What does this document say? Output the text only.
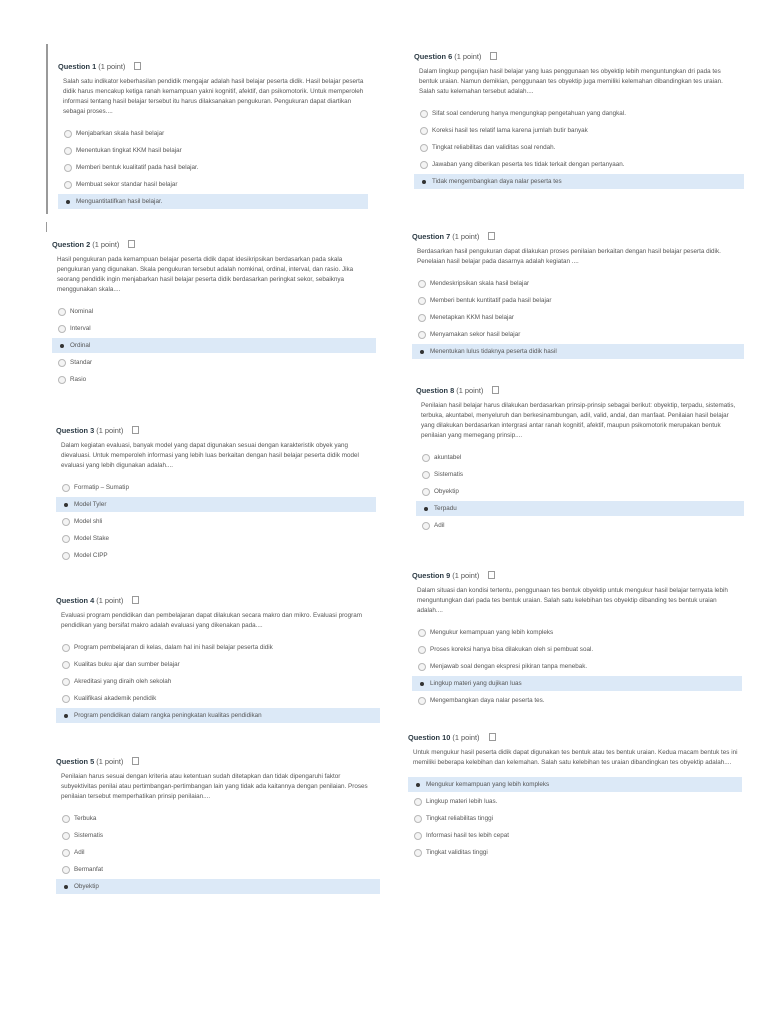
Question 1 (1 point)
Salah satu indikator keberhasilan pendidik mengajar adalah hasil belajar peserta didik. Hasil belajar peserta didik harus mencakup ketiga ranah kemampuan yakni kognitif, afektif, dan psikomotorik. Untuk memperoleh informasi tentang hasil belajar tersebut itu harus dilaksanakan pengukuran. Pengukuran dapat diartikan sebagai proses....
Menjabarkan skala hasil belajar
Menentukan tingkat KKM hasil belajar
Memberi bentuk kualitatif pada hasil belajar.
Membuat sekor standar hasil belajar
Menguantitatifkan hasil belajar.
Question 2 (1 point)
Hasil pengukuran pada kemampuan belajar peserta didik dapat idesikripsikan berdasarkan pada skala pengukuran yang digunakan. Skala pengukuran tersebut adalah nomkinal, ordinal, interval, dan rasio. Jika seorang pendidik ingin menjabarkan hasil belajar peserta didik berdasarkan peringkat sekor, sebaiknya menggunakan skala....
Nominal
Interval
Ordinal
Standar
Rasio
Question 3 (1 point)
Dalam kegiatan evaluasi, banyak model yang dapat digunakan sesuai dengan karakteristik obyek yang dievaluasi. Untuk memperoleh informasi yang lebih luas berkaitan dengan hasil belajar peserta didik model evaluasi yang lebih digunakan adalah....
Formatip – Sumatip
Model Tyler
Model shli
Model Stake
Model CIPP
Question 4 (1 point)
Evaluasi program pendidikan dan pembelajaran dapat dilakukan secara makro dan mikro. Evaluasi program pendidikan yang bersifat makro adalah evaluasi yang dikenakan pada....
Program pembelajaran di kelas, dalam hal ini hasil belajar peserta didik
Kualitas buku ajar dan sumber belajar
Akreditasi yang diraih oleh sekolah
Kualifikasi akademik pendidik
Program pendidikan dalam rangka peningkatan kualitas pendidikan
Question 5 (1 point)
Penilaian harus sesuai dengan kriteria atau ketentuan sudah ditetapkan dan tidak dipengaruhi faktor subyektivitas penilai atau pertimbangan-pertimbangan lain yang tidak ada kaitannya dengan penilaian. Proses penilaian tersebut memperhatikan prinsip penilaian....
Terbuka
Sistematis
Adil
Bermanfat
Obyektip
Question 6 (1 point)
Dalam lingkup pengujian hasil belajar yang luas penggunaan tes obyektip lebih menguntungkan dri pada tes bentuk uraian. Namun demikian, penggunaan tes obyektip juga memiliki kelemahan dibandingkan tes uraian. Salah satu kelemahan tersebut adalah....
Sifat soal cenderung hanya mengungkap pengetahuan yang dangkal.
Koreksi hasil tes relatif lama karena jumlah butir banyak
Tingkat reliabilitas dan validitas soal rendah.
Jawaban yang diberikan peserta tes tidak terkait dengan pertanyaan.
Tidak mengembangkan daya nalar peserta tes
Question 7 (1 point)
Berdasarkan hasil pengukuran dapat dilakukan proses penilaian berkaitan dengan hasil belajar peserta didik. Penelaian hasil belajar pada dasarnya adalah kegiatan ....
Mendeskripsikan skala hasil belajar
Memberi bentuk kuntitatif pada hasil belajar
Menetapkan KKM hasl belajar
Menyamakan sekor hasil belajar
Menentukan lulus tidaknya peserta didik hasil
Question 8 (1 point)
Penilaian hasil belajar harus dilakukan berdasarkan prinsip-prinsip sebagai berikut: obyektip, terpadu, sistematis, terbuka, akuntabel, menyeluruh dan berkesinambungan, adil, valid, andal, dan manfaat. Penilaian hasil belajar yang dilakukan berdasarkan intergrasi antar ranah kognitif, afektif, maupun psikomotorik merupakan bentuk penilaian yang memegang prinsip....
akuntabel
Sistematis
Obyektip
Terpadu
Adil
Question 9 (1 point)
Dalam situasi dan kondisi tertentu, penggunaan tes bentuk obyektip untuk mengukur hasil belajar ternyata lebih menguntungkan dari pada tes bentuk uraian. Salah satu kelebihan tes obyektip dibanding tes bentuk uraian adalah....
Mengukur kemampuan yang lebih kompleks
Proses koreksi hanya bisa dilakukan oleh si pembuat soal.
Menjawab soal dengan ekspresi pikiran tanpa menebak.
Lingkup materi yang dujikan luas
Mengembangkan daya nalar peserta tes.
Question 10 (1 point)
Untuk mengukur hasil peserta didik dapat digunakan tes bentuk atau tes bentuk uraian. Kedua macam bentuk tes ini memiliki beberapa kelebihan dan kelemahan. Salah satu kelebihan tes uraian dibandingkan tes obyektip adalah....
Mengukur kemampuan yang lebih kompleks
Lingkup materi lebih luas.
Tingkat reliabilitas tinggi
Informasi hasil tes lebih cepat
Tingkat validitas tinggi
